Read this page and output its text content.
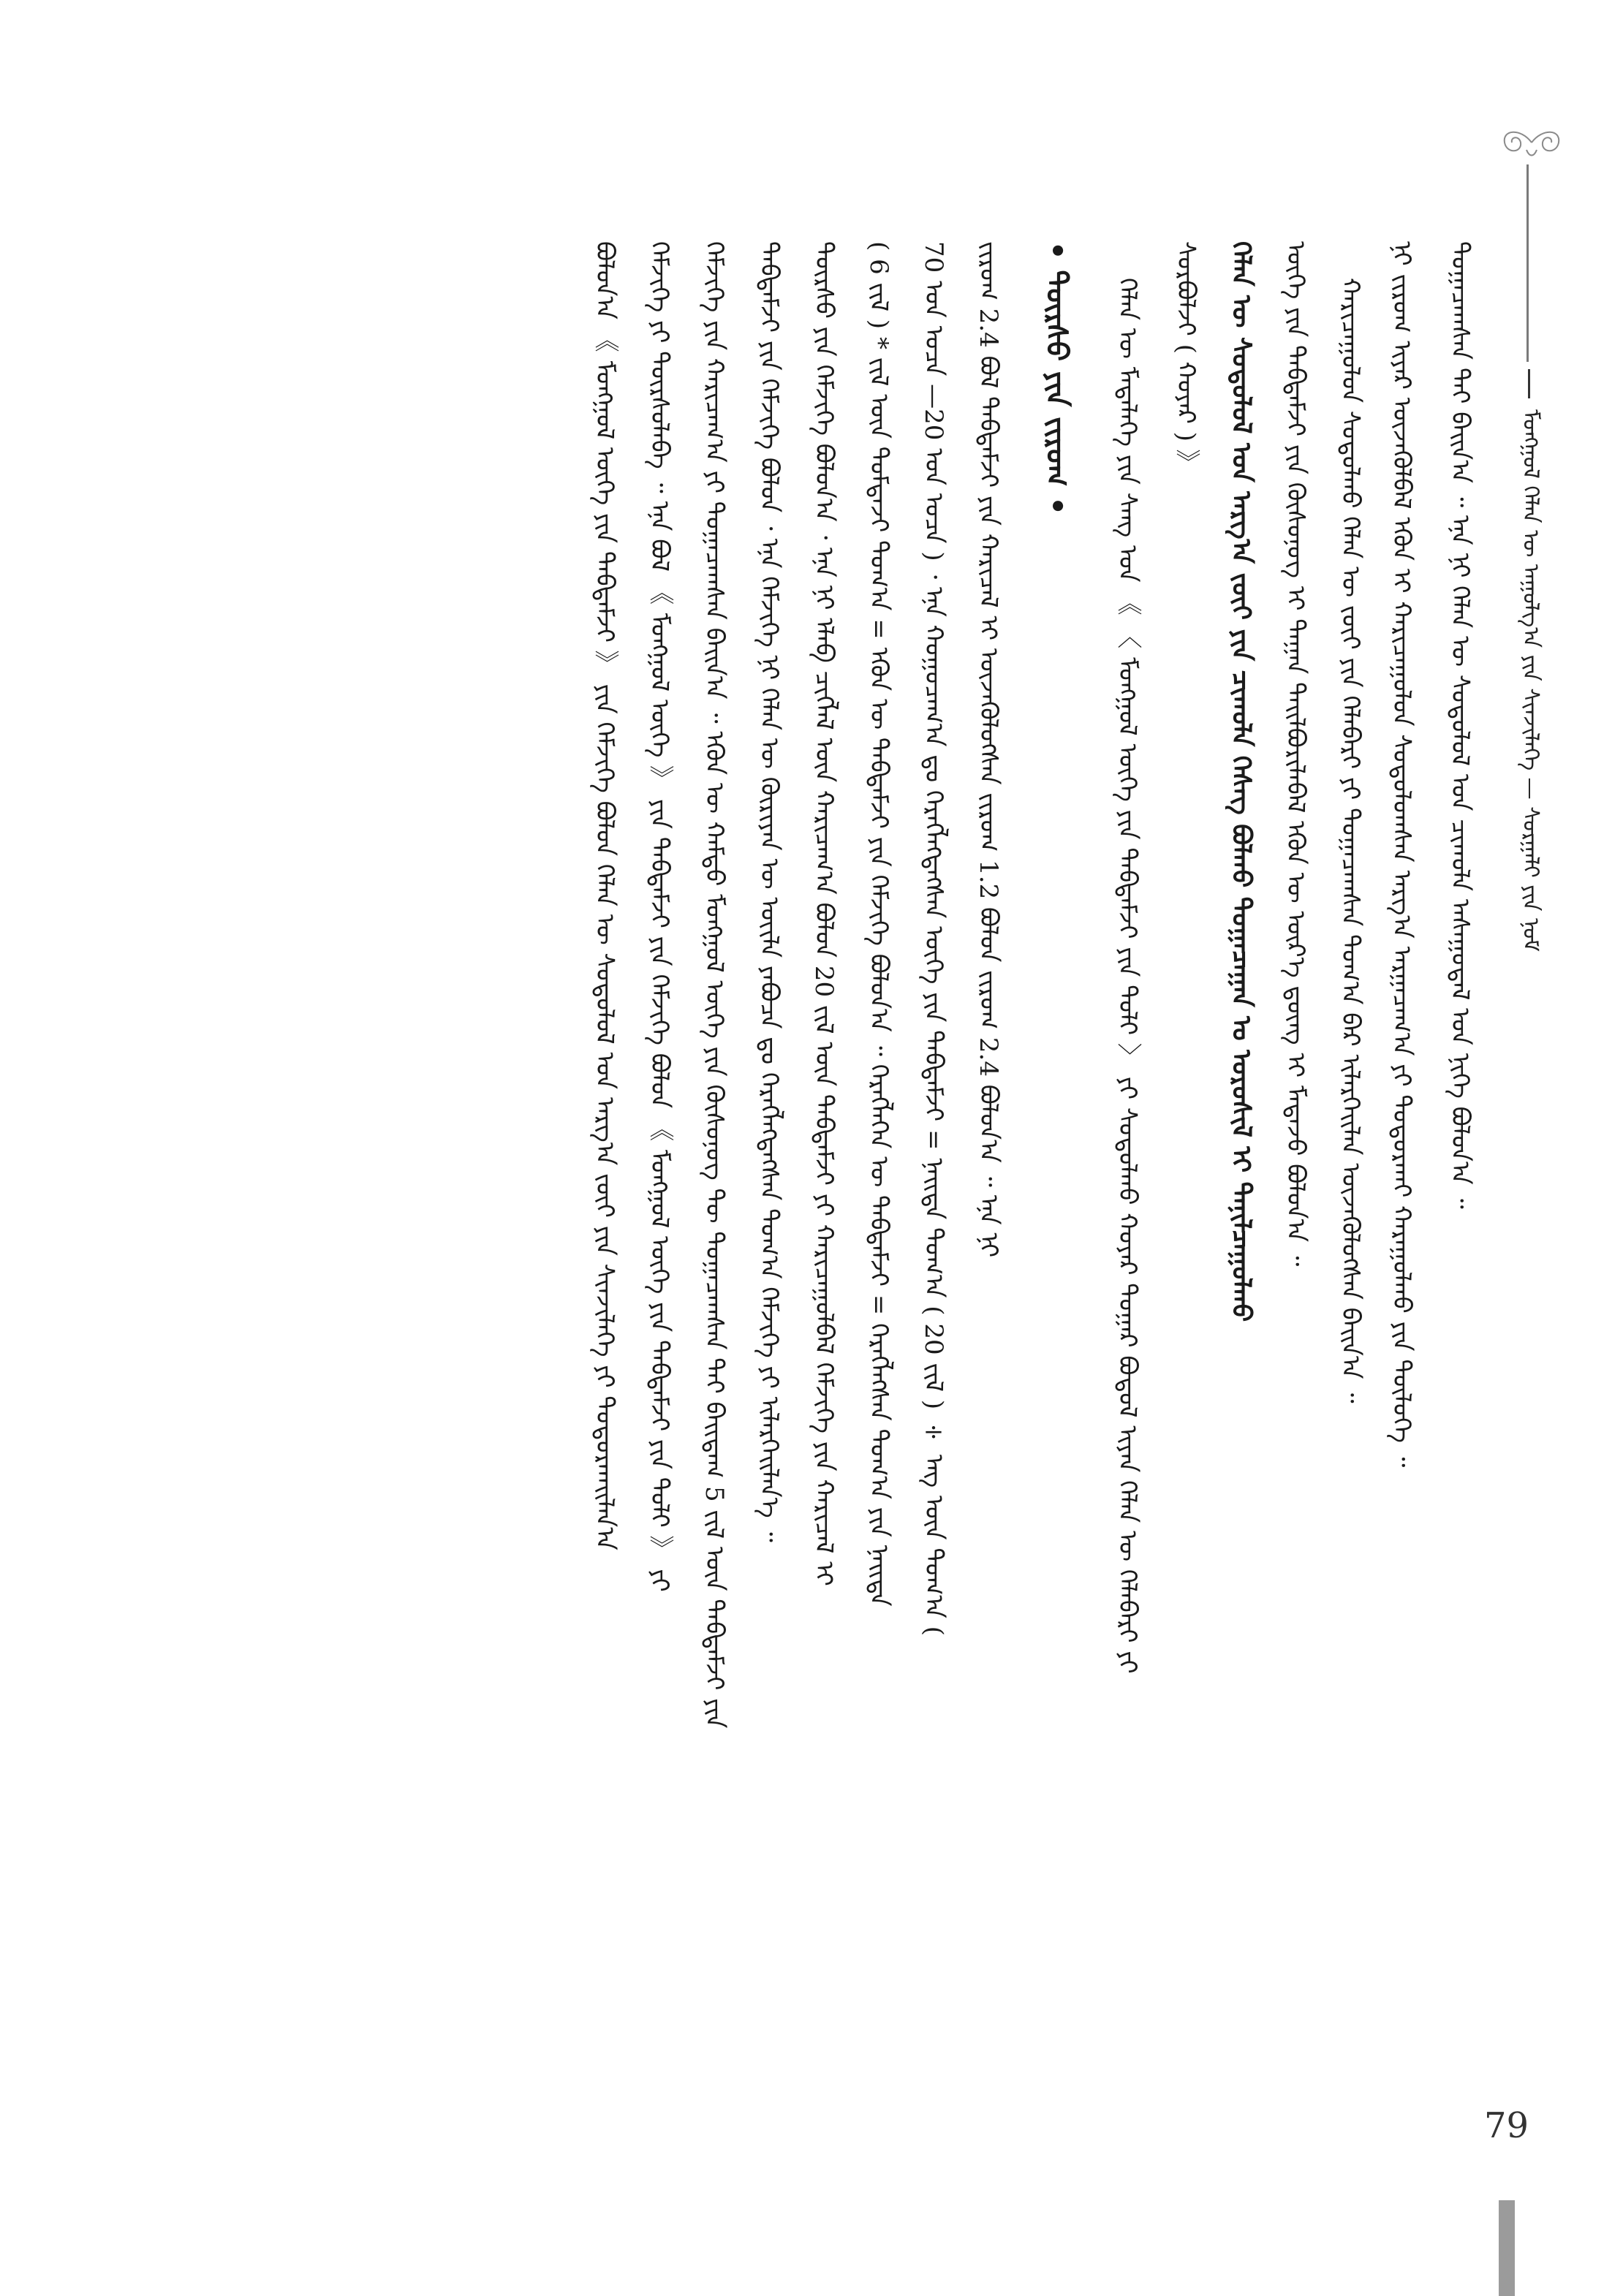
ᠮᠣᠩᠭᠣᠯ ᠬᠡᠯᠡᠨ ᠦ ᠠᠭᠤᠯᠭ᠎ᠠ ᠶᠢᠨ ᠰᠢᠨᠵᠢᠯᠡᠭᠡ — ᠰᠤᠷᠭᠠᠯᠢ ᠶᠢᠨ ᠨᠣᠮ
ᠲᠣᠭᠠᠴᠠᠭᠰᠠᠨ ᠲᠡᠢ ᠪᠠᠢᠨ᠎ᠠ ᠃ ᠡᠨᠡ ᠨᠢ ᠬᠡᠯᠡᠨ ᠦ ᠰᠤᠳᠤᠯᠤᠯ ᠤᠨ ᠴᠢᠬᠤᠯᠠ ᠠᠰᠠᠭᠤᠳᠠᠯ ᠤᠨ ᠨᠢᠭᠡ ᠪᠣᠯᠤᠨ᠎ᠠ ᠃
ᠨᠢ ᠵᠢᠷᠤᠭ ᠢᠶᠠᠷ ᠦᠵᠡᠭᠦᠯᠪᠡᠯ ᠡᠭᠦᠨ ᠢ ᠬᠠᠷᠢᠴᠠᠭᠤᠯᠤᠨ ᠰᠤᠳᠤᠯᠤᠭᠰᠠᠨ ᠠᠷᠭ᠎ᠠ ᠠᠷᠭᠠᠴᠠᠭ᠎ᠠ ᠶᠢ ᠲᠣᠳᠤᠷᠬᠠᠢ ᠬᠠᠷᠠᠭᠤᠯᠬᠤ ᠶᠢᠨ ᠲᠥᠯᠥᠭᠡ ᠃
ᠬᠠᠷᠢᠴᠠᠭᠤᠯᠤᠨ ᠰᠤᠳᠤᠯᠬᠤ ᠬᠡᠯᠡᠨ ᠦ ᠵᠦᠢ ᠶᠢᠨ ᠬᠡᠯᠡᠪᠡᠷᠢ ᠶᠢ ᠲᠣᠭᠠᠴᠠᠭᠰᠠᠨ ᠲᠣᠭ᠎ᠠ ᠪᠠᠷ ᠢᠯᠡᠷᠬᠡᠢᠯᠡᠨ ᠦᠵᠡᠭᠦᠯᠦᠭᠰᠡᠨ ᠪᠠᠢᠨ᠎ᠠ ᠃
ᠦᠭᠡ ᠶᠢᠨ ᠳᠠᠪᠲᠠᠮᠵᠢ ᠶᠢᠨ ᠬᠦᠰᠦᠨᠦᠭ ᠢ ᠳᠠᠭᠠᠨ ᠲᠠᠢᠯᠪᠤᠷᠢᠯᠠᠪᠠᠯ ᠡᠭᠦᠨ ᠦ ᠦᠷ᠎ᠡ ᠳ᠋ᠦᠩ ᠢ ᠮᠡᠳᠡᠵᠦ ᠪᠣᠯᠤᠨ᠎ᠠ ᠃
ᠬᠡᠯᠡᠨ ᠦ ᠰᠤᠳᠤᠯᠤᠯ ᠤᠨ ᠠᠷᠭ᠎ᠠ ᠵᠦᠢ ᠶᠢᠨ ᠴᠢᠬᠤᠯᠠ ᠬᠡᠰᠡᠭ ᠪᠣᠯᠬᠤ ᠲᠣᠭᠠᠴᠠᠭᠠᠨ ᠤ ᠤᠷᠤᠰᠢᠯ ᠢ ᠲᠠᠨᠢᠯᠴᠠᠭᠤᠯᠬᠤ
ᠰᠤᠷᠪᠤᠯᠵᠢ ( ᠬᠣᠶᠠᠷ ) 》
ᠬᠡᠯᠡᠨ ᠦ ᠮᠡᠳᠡᠯᠡᠭᠡ ᠶᠢᠨ ᠰᠠᠩ ᠤᠨ 《 〈 ᠮᠣᠩᠭᠣᠯ ᠦᠭᠡ ᠶᠢᠨ ᠳᠠᠪᠲᠠᠮᠵᠢ ᠶᠢᠨ ᠲᠣᠯᠢ 〉 ᠶᠢ ᠰᠤᠳᠤᠯᠬᠤ ᠬᠣᠶᠠᠷ ᠳᠤᠭᠠᠷ ᠪᠣᠳᠣᠯ ᠢᠶᠠᠨ ᠬᠡᠯᠡᠨ ᠦ ᠬᠡᠯᠡᠪᠡᠷᠢ ᠶᠢ
• ᠳᠦᠷᠰᠦ ᠶᠢᠨ ᠵᠢᠷᠤᠭ •
ᠵᠢᠷᠤᠭ 2.4 ᠪᠣᠯ ᠳᠠᠪᠲᠠᠮᠵᠢ ᠶᠢᠨ ᠬᠠᠷᠢᠴᠠᠯ ᠢ ᠦᠵᠡᠭᠦᠯᠦᠭᠰᠡᠨ ᠵᠢᠷᠤᠭ 1.2 ᠪᠣᠯᠤᠨ ᠵᠢᠷᠤᠭ 2.4 ᠪᠣᠯᠤᠨ᠎ᠠ ᠃ ᠡᠨᠡ ᠨᠢ
70 ᠣᠨ ᠣᠴᠠ —20 ᠣᠨ ᠣᠴᠠ ) ᠂ ᠡᠨᠡ ᠬᠤᠭᠤᠴᠠᠭ᠎ᠠ ᠳᠤ ᠬᠡᠷᠡᠭᠯᠡᠭᠳᠡᠭᠰᠡᠨ ᠦᠭᠡ ᠶᠢᠨ ᠳᠠᠪᠲᠠᠮᠵᠢ = ᠨᠡᠢᠲᠡ ᠲᠣᠭ᠎ᠠ ( 20 ᠵᠢᠯ ) ÷ ᠡᠩ ᠦᠨ ᠲᠣᠭ᠎ᠠ (
( 6 ᠵᠢᠯ ) * ᠵᠢᠯ ᠦᠨ ᠳᠤᠮᠳᠠᠵᠢ ᠲᠣᠭ᠎ᠠ = ᠡᠭᠦᠨ ᠦ ᠳᠠᠪᠲᠠᠮᠵᠢ ᠶᠢᠨ ᠬᠡᠮᠵᠢᠭᠡ ᠪᠣᠯᠤᠨ᠎ᠠ ᠃ ᠬᠡᠷᠡᠭᠯᠡᠭᠡᠨ ᠦ ᠳᠠᠪᠲᠠᠮᠵᠢ = ᠬᠡᠷᠡᠭᠯᠡᠭᠰᠡᠨ ᠲᠣᠭ᠎ᠠ ᠶᠢᠨ ᠨᠡᠢᠲᠡ
ᠳᠦᠷᠰᠦ ᠶᠢᠨ ᠬᠡᠮᠵᠢᠭᠡ ᠪᠣᠯᠤᠨ᠎ᠠ ᠂ ᠡᠨᠡ ᠨᠢ ᠡᠯᠡᠪ ᠴᠢᠭᠯᠡᠯ ᠦᠨ ᠬᠠᠷᠢᠴᠠᠭ᠎ᠠ ᠪᠣᠯᠤᠨ 20 ᠵᠢᠯ ᠦᠨ ᠳᠠᠪᠲᠠᠮᠵᠢ ᠶᠢ ᠬᠠᠷᠢᠴᠠᠭᠤᠯᠪᠠᠯ ᠬᠡᠮᠵᠢᠭᠡ ᠶᠢᠨ ᠬᠠᠷᠢᠴᠠᠯ ᠢ
ᠳᠠᠪᠲᠠᠮᠵᠢ ᠶᠢᠨ ᠬᠡᠮᠵᠢᠭᠡ ᠪᠣᠯᠤᠨ ᠂ ᠡᠨᠡ ᠬᠡᠮᠵᠢᠭᠡ ᠨᠢ ᠬᠡᠯᠡᠨ ᠦ ᠬᠦᠷᠢᠶᠡᠨ ᠦ ᠦᠢᠯᠡ ᠶᠠᠪᠤᠴᠠ ᠳᠤ ᠬᠡᠷᠡᠭᠯᠡᠭᠳᠡᠭᠰᠡᠨ ᠲᠣᠭ᠎ᠠ ᠬᠡᠮᠵᠢᠭᠡ ᠶᠢ ᠢᠯᠡᠷᠬᠡᠢᠯᠡᠨ᠎ᠡ ᠃
ᠬᠡᠮᠵᠢᠭᠡ ᠶᠢᠨ ᠬᠠᠷᠢᠴᠠᠭ᠎ᠠ ᠶᠢ ᠲᠣᠭᠠᠴᠠᠭᠰᠠᠨ ᠪᠠᠢᠨ᠎ᠠ ᠃ ᠡᠭᠦᠨ ᠦ ᠬᠠᠮᠲᠤ ᠮᠣᠩᠭᠣᠯ ᠦᠭᠡ ᠶᠢᠨ ᠬᠦᠰᠦᠨᠦᠭ ᠲᠦ ᠲᠣᠭᠠᠴᠠᠭᠰᠠᠨ ᠲᠡᠢ ᠪᠠᠢᠳᠠᠭ 5 ᠵᠢᠯ ᠦᠨ ᠳᠠᠪᠲᠠᠮᠵᠢ ᠶᠢᠨ
ᠬᠡᠮᠵᠢᠭᠡ ᠶᠢ ᠳᠦᠷᠰᠦᠯᠡᠪᠡ ᠃ ᠡᠨᠡ ᠪᠣᠯ 《 ᠮᠣᠩᠭᠣᠯ ᠦᠭᠡ 》 ᠶᠢᠨ ᠳᠠᠪᠲᠠᠮᠵᠢ ᠶᠢᠨ ᠬᠡᠮᠵᠢᠭᠡ ᠪᠣᠯᠤᠨ 《 ᠮᠣᠩᠭᠣᠯ ᠦᠭᠡ ᠶᠢᠨ ᠳᠠᠪᠲᠠᠮᠵᠢ ᠶᠢᠨ ᠲᠣᠯᠢ 》 ᠶᠢ
ᠪᠣᠯᠤᠨ᠎ᠠ 《 ᠮᠣᠩᠭᠣᠯ ᠦᠭᠡ ᠶᠢᠨ ᠳᠠᠪᠲᠠᠮᠵᠢ 》 ᠶᠢᠨ ᠬᠡᠮᠵᠢᠭᠡ ᠪᠣᠯᠤᠨ ᠬᠡᠯᠡᠨ ᠦ ᠰᠤᠳᠤᠯᠤᠯ ᠤᠨ ᠠᠷᠭ᠎ᠠ ᠵᠦᠢ ᠶᠢᠨ ᠰᠢᠨᠵᠢᠯᠡᠭᠡ ᠶᠢ ᠲᠣᠳᠤᠷᠬᠠᠢᠯᠠᠨ᠎ᠠ
79
